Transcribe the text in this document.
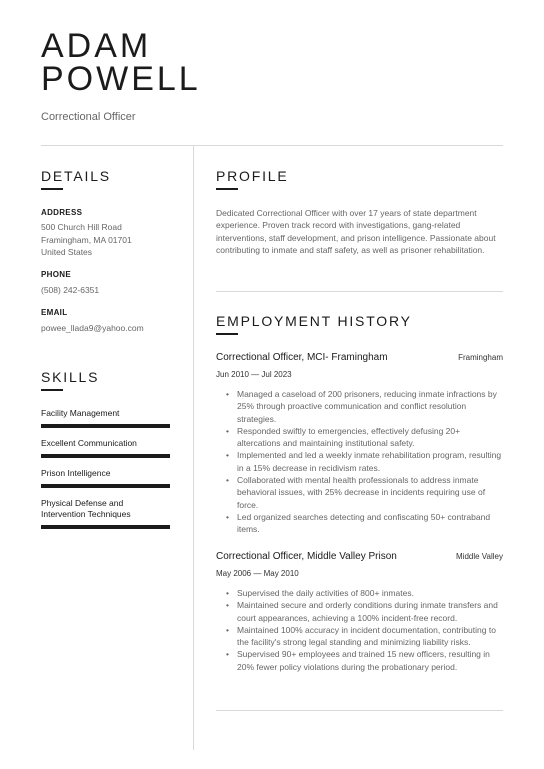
ADAM
POWELL
Correctional Officer
DETAILS
ADDRESS
500 Church Hill Road
Framingham, MA 01701
United States
PHONE
(508) 242-6351
EMAIL
powee_llada9@yahoo.com
SKILLS
Facility Management
Excellent Communication
Prison Intelligence
Physical Defense and Intervention Techniques
PROFILE
Dedicated Correctional Officer with over 17 years of state department experience. Proven track record with investigations, gang-related interventions, staff development, and prison intelligence. Passionate about contributing to inmate and staff safety, as well as prisoner rehabilitation.
EMPLOYMENT HISTORY
Correctional Officer, MCI- Framingham	Framingham
Jun 2010 — Jul 2023
• Managed a caseload of 200 prisoners, reducing inmate infractions by 25% through proactive communication and conflict resolution strategies.
• Responded swiftly to emergencies, effectively defusing 20+ altercations and maintaining institutional safety.
• Implemented and led a weekly inmate rehabilitation program, resulting in a 15% decrease in recidivism rates.
• Collaborated with mental health professionals to address inmate behavioral issues, with 25% decrease in incidents requiring use of force.
• Led organized searches detecting and confiscating 50+ contraband items.
Correctional Officer, Middle Valley Prison	Middle Valley
May 2006 — May 2010
• Supervised the daily activities of 800+ inmates.
• Maintained secure and orderly conditions during inmate transfers and court appearances, achieving a 100% incident-free record.
• Maintained 100% accuracy in incident documentation, contributing to the facility's strong legal standing and minimizing liability risks.
• Supervised 90+ employees and trained 15 new officers, resulting in 20% fewer policy violations during the probationary period.
